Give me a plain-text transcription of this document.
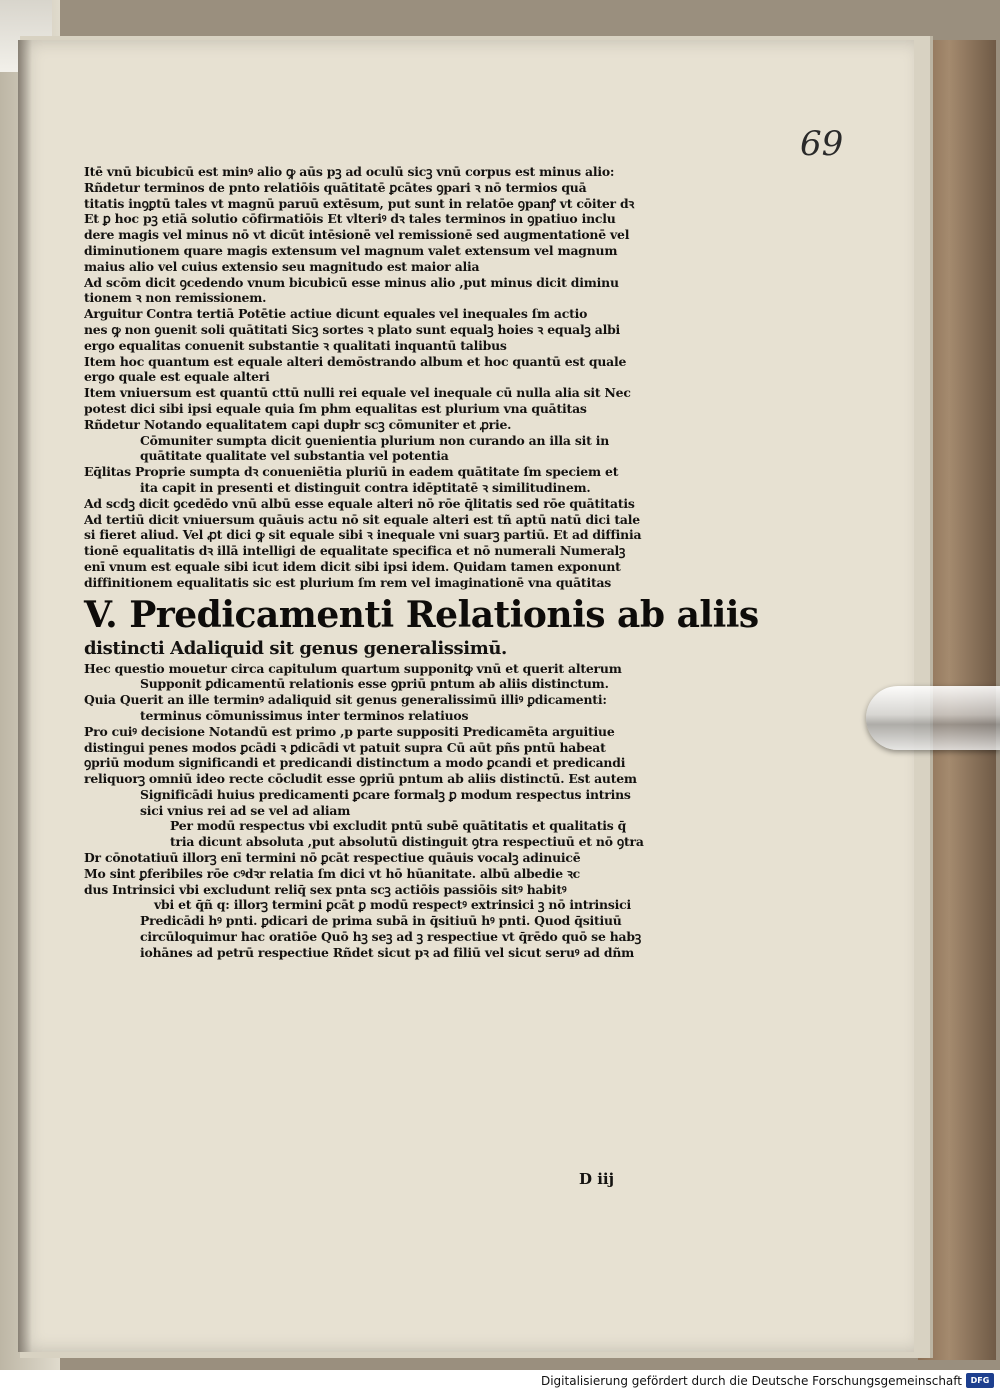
69
Itē vnū bicubicū est minꝰ alio ꝙ aūs pꝫ ad oculū sicꝫ vnū corpus est minus alio:
Rñdetur terminos de pnto relatiōis quātitatē ꝑcātes ꝯpari ꝛ nō termios quā
titatis inꝯꝑtū tales vt magnū paruū extēsum, put sunt in relatōe ꝯpanꝭ vt cōiter dꝛ
Et ꝑ hoc pꝫ etiā solutio cōfirmatiōis Et vlteriꝰ dꝛ tales terminos in ꝯpatiuo inclu
dere magis vel minus nō vt dicūt intēsionē vel remissionē sed augmentationē vel
diminutionem quare magis extensum vel magnum valet extensum vel magnum
maius alio vel cuius extensio seu magnitudo est maior alia
Ad scōm dicit ꝯcedendo vnum bicubicū esse minus alio ,put minus dicit diminu
tionem ꝛ non remissionem.
Arguitur Contra tertiā Potētie actiue dicunt equales vel inequales ſm actio
nes ꝙ non ꝯuenit soli quātitati Sicꝫ sortes ꝛ plato sunt equalꝫ hoies ꝛ equalꝫ albi
ergo equalitas conuenit substantie ꝛ qualitati inquantū talibus
Item hoc quantum est equale alteri demōstrando album et hoc quantū est quale
ergo quale est equale alteri
Item vniuersum est quantū cttū nulli rei equale vel inequale cū nulla alia sit Nec
potest dici sibi ipsi equale quia ſm phm equalitas est plurium vna quātitas
Rñdetur Notando equalitatem capi dupłr scꝫ cōmuniter et ꝓrie.
Cōmuniter sumpta dicit ꝯuenientia plurium non curando an illa sit in
quātitate qualitate vel substantia vel potentia
Eq̄litas Proprie sumpta dꝛ conueniētia pluriū in eadem quātitate ſm speciem et
ita capit in presenti et distinguit contra idēptitatē ꝛ similitudinem.
Ad scdꝫ dicit ꝯcedēdo vnū albū esse equale alteri nō rōe q̄litatis sed rōe quātitatis
Ad tertiū dicit vniuersum quāuis actu nō sit equale alteri est tñ aptū natū dici tale
si fieret aliud. Vel ꝓt dici ꝙ sit equale sibi ꝛ inequale vni suarꝫ partiū. Et ad diffinia
tionē equalitatis dꝛ illā intelligi de equalitate specifica et nō numerali Numeralꝫ
enī vnum est equale sibi icut idem dicit sibi ipsi idem. Quidam tamen exponunt
diffinitionem equalitatis sic est plurium ſm rem vel imaginationē vna quātitas
V. Predicamenti Relationis ab aliis
distincti Adaliquid sit genus generalissimū.
Hec questio mouetur circa capitulum quartum supponitꝙ vnū et querit alterum
Supponit ꝑdicamentū relationis esse ꝯpriū pntum ab aliis distinctum.
Quia Querit an ille terminꝰ adaliquid sit genus generalissimū illiꝰ ꝑdicamenti:
terminus cōmunissimus inter terminos relatiuos
Pro cuiꝰ decisione Notandū est primo ,p parte suppositi Predicamēta arguitiue
distingui penes modos ꝑcādi ꝛ ꝑdicādi vt patuit supra Cū aūt pñs pntū habeat
ꝯpriū modum significandi et predicandi distinctum a modo ꝑcandi et predicandi
reliquorꝫ omniū ideo recte cōcludit esse ꝯpriū pntum ab aliis distinctū. Est autem
Significādi huius predicamenti ꝑcare formalꝫ ꝑ modum respectus intrins
sici vnius rei ad se vel ad aliam
Per modū respectus vbi excludit pntū subē quātitatis et qualitatis q̄
tria dicunt absoluta ,put absolutū distinguit ꝯtra respectiuū et nō ꝯtra
Dr cōnotatiuū illorꝫ enī termini nō ꝑcāt respectiue quāuis vocalꝫ adinuicē
Mo sint ꝑferibiles rōe cꝰdꝛr relatia ſm dici vt hō hūanitate. albū albedie ꝛc
dus Intrinsici vbi excludunt reliq̄ sex pnta scꝫ actiōis passiōis sitꝰ habitꝰ
vbi et q̄ñ q: illorꝫ termini ꝑcāt ꝑ modū respectꝰ extrinsici ꝫ nō intrinsici
Predicādi hꝰ pnti. ꝑdicari de prima subā in q̄sitiuū hꝰ pnti. Quod q̄sitiuū
circūloquimur hac oratiōe Quō hꝫ seꝫ ad ꝫ respectiue vt q̄rēdo quō se habꝫ
iohānes ad petrū respectiue Rñdet sicut pꝛ ad filiū vel sicut seruꝰ ad dñm
D iij
Digitalisierung gefördert durch die Deutsche Forschungsgemeinschaft	DFG
